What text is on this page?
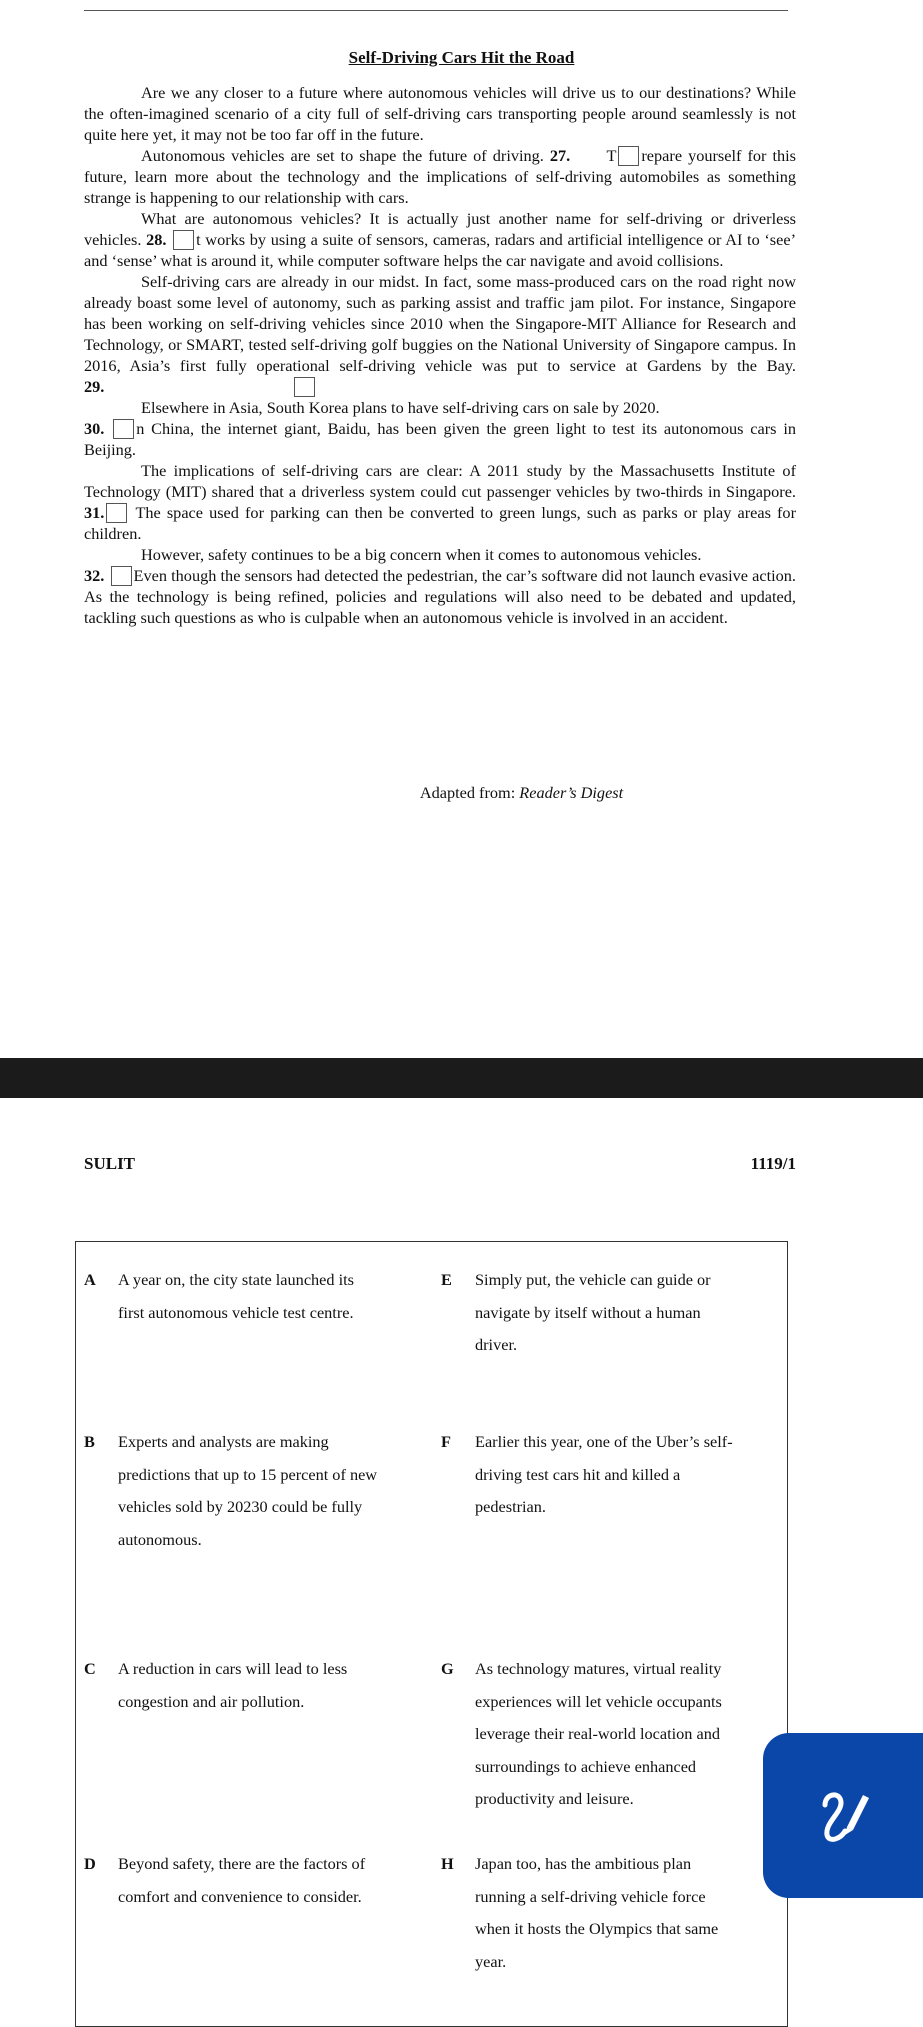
Self-Driving Cars Hit the Road

Are we any closer to a future where autonomous vehicles will drive us to our destinations? While the often-imagined scenario of a city full of self-driving cars transporting people around seamlessly is not quite here yet, it may not be too far off in the future.

Autonomous vehicles are set to shape the future of driving. 27. T repare yourself for this future, learn more about the technology and the implications of self-driving automobiles as something strange is happening to our relationship with cars.

What are autonomous vehicles? It is actually just another name for self-driving or driverless vehicles. 28. t works by using a suite of sensors, cameras, radars and artificial intelligence or AI to ‘see’ and ‘sense’ what is around it, while computer software helps the car navigate and avoid collisions.

Self-driving cars are already in our midst. In fact, some mass-produced cars on the road right now already boast some level of autonomy, such as parking assist and traffic jam pilot. For instance, Singapore has been working on self-driving vehicles since 2010 when the Singapore-MIT Alliance for Research and Technology, or SMART, tested self-driving golf buggies on the National University of Singapore campus. In 2016, Asia’s first fully operational self-driving vehicle was put to service at Gardens by the Bay. 29.

Elsewhere in Asia, South Korea plans to have self-driving cars on sale by 2020.

30. n China, the internet giant, Baidu, has been given the green light to test its autonomous cars in Beijing.

The implications of self-driving cars are clear: A 2011 study by the Massachusetts Institute of Technology (MIT) shared that a driverless system could cut passenger vehicles by two-thirds in Singapore. 31. The space used for parking can then be converted to green lungs, such as parks or play areas for children.

However, safety continues to be a big concern when it comes to autonomous vehicles.

32. Even though the sensors had detected the pedestrian, the car’s software did not launch evasive action. As the technology is being refined, policies and regulations will also need to be debated and updated, tackling such questions as who is culpable when an autonomous vehicle is involved in an accident.

Adapted from: Reader’s Digest
SULIT	1119/1
A A year on, the city state launched its
first autonomous vehicle test centre.
B Experts and analysts are making
predictions that up to 15 percent of new
vehicles sold by 20230 could be fully
autonomous.
C A reduction in cars will lead to less
congestion and air pollution.
D Beyond safety, there are the factors of
comfort and convenience to consider.
E Simply put, the vehicle can guide or
navigate by itself without a human
driver.
F Earlier this year, one of the Uber’s self-
driving test cars hit and killed a
pedestrian.
G As technology matures, virtual reality
experiences will let vehicle occupants
leverage their real-world location and
surroundings to achieve enhanced
productivity and leisure.
H Japan too, has the ambitious plan
running a self-driving vehicle force
when it hosts the Olympics that same
year.
